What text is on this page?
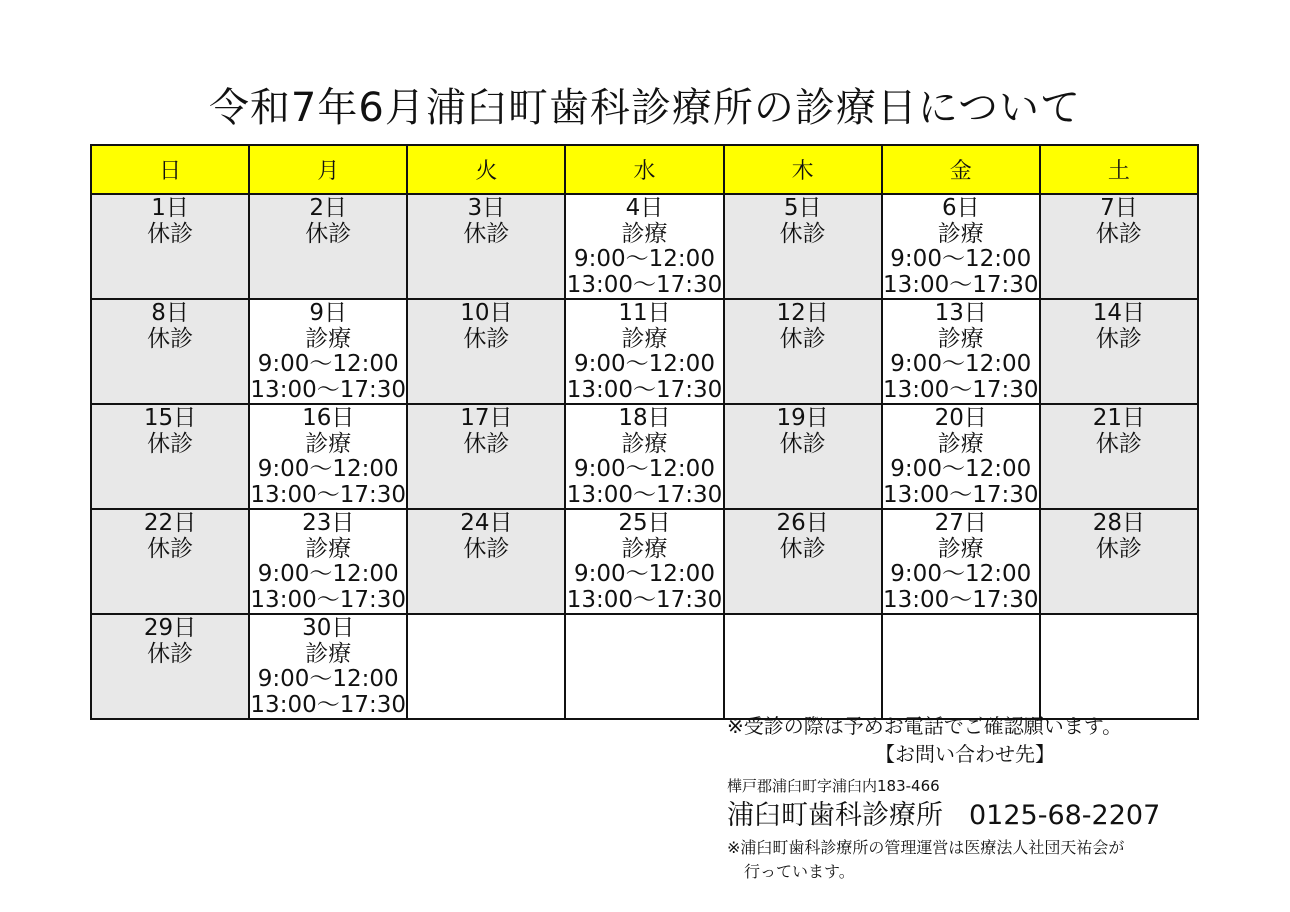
令和7年6月浦臼町歯科診療所の診療日について
日	月	火	水	木	金	土

1日
休診	2日
休診	3日
休診	4日
診療
9:00～12:00
13:00～17:30	5日
休診	6日
診療
9:00～12:00
13:00～17:30	7日
休診

8日
休診	9日
診療
9:00～12:00
13:00～17:30	10日
休診	11日
診療
9:00～12:00
13:00～17:30	12日
休診	13日
診療
9:00～12:00
13:00～17:30	14日
休診

15日
休診	16日
診療
9:00～12:00
13:00～17:30	17日
休診	18日
診療
9:00～12:00
13:00～17:30	19日
休診	20日
診療
9:00～12:00
13:00～17:30	21日
休診

22日
休診	23日
診療
9:00～12:00
13:00～17:30	24日
休診	25日
診療
9:00～12:00
13:00～17:30	26日
休診	27日
診療
9:00～12:00
13:00～17:30	28日
休診

29日
休診	30日
診療
9:00～12:00
13:00～17:30					

※受診の際は予めお電話でご確認願います。
【お問い合わせ先】
樺戸郡浦臼町字浦臼内183-466
浦臼町歯科診療所 0125-68-2207
※浦臼町歯科診療所の管理運営は医療法人社団天祐会が
行っています。
